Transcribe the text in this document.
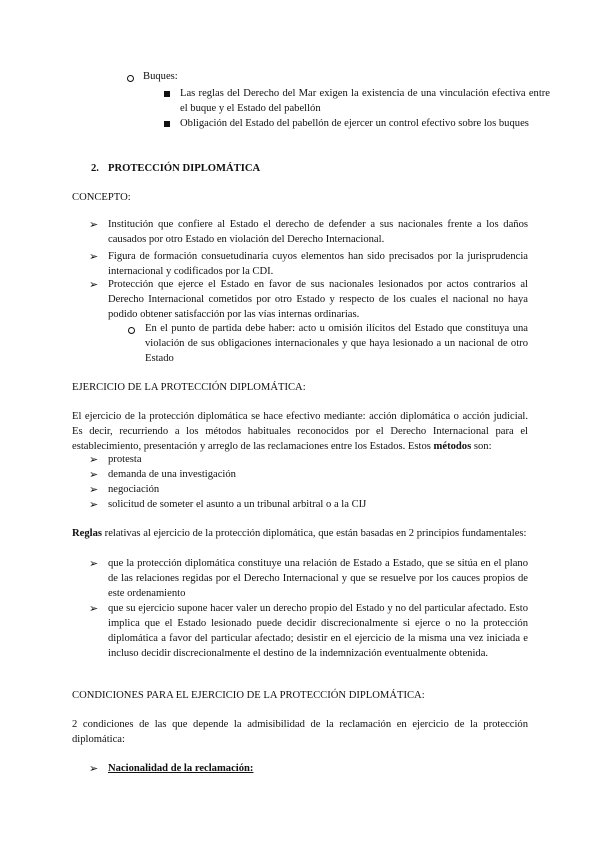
Buques:
Las reglas del Derecho del Mar exigen la existencia de una vinculación efectiva entre el buque y el Estado del pabellón
Obligación del Estado del pabellón de ejercer un control efectivo sobre los buques
2. PROTECCIÓN DIPLOMÁTICA
CONCEPTO:
➢ Institución que confiere al Estado el derecho de defender a sus nacionales frente a los daños causados por otro Estado en violación del Derecho Internacional.
➢ Figura de formación consuetudinaria cuyos elementos han sido precisados por la jurisprudencia internacional y codificados por la CDI.
➢ Protección que ejerce el Estado en favor de sus nacionales lesionados por actos contrarios al Derecho Internacional cometidos por otro Estado y respecto de los cuales el nacional no haya podido obtener satisfacción por las vías internas ordinarias.
En el punto de partida debe haber: acto u omisión ilícitos del Estado que constituya una violación de sus obligaciones internacionales y que haya lesionado a un nacional de otro Estado
EJERCICIO DE LA PROTECCIÓN DIPLOMÁTICA:
El ejercicio de la protección diplomática se hace efectivo mediante: acción diplomática o acción judicial. Es decir, recurriendo a los métodos habituales reconocidos por el Derecho Internacional para el establecimiento, presentación y arreglo de las reclamaciones entre los Estados. Estos métodos son:
➢ protesta
➢ demanda de una investigación
➢ negociación
➢ solicitud de someter el asunto a un tribunal arbitral o a la CIJ
Reglas relativas al ejercicio de la protección diplomática, que están basadas en 2 principios fundamentales:
➢ que la protección diplomática constituye una relación de Estado a Estado, que se sitúa en el plano de las relaciones regidas por el Derecho Internacional y que se resuelve por los cauces propios de este ordenamiento
➢ que su ejercicio supone hacer valer un derecho propio del Estado y no del particular afectado. Esto implica que el Estado lesionado puede decidir discrecionalmente si ejerce o no la protección diplomática a favor del particular afectado; desistir en el ejercicio de la misma una vez iniciada e incluso decidir discrecionalmente el destino de la indemnización eventualmente obtenida.
CONDICIONES PARA EL EJERCICIO DE LA PROTECCIÓN DIPLOMÁTICA:
2 condiciones de las que depende la admisibilidad de la reclamación en ejercicio de la protección diplomática:
➢ Nacionalidad de la reclamación:
